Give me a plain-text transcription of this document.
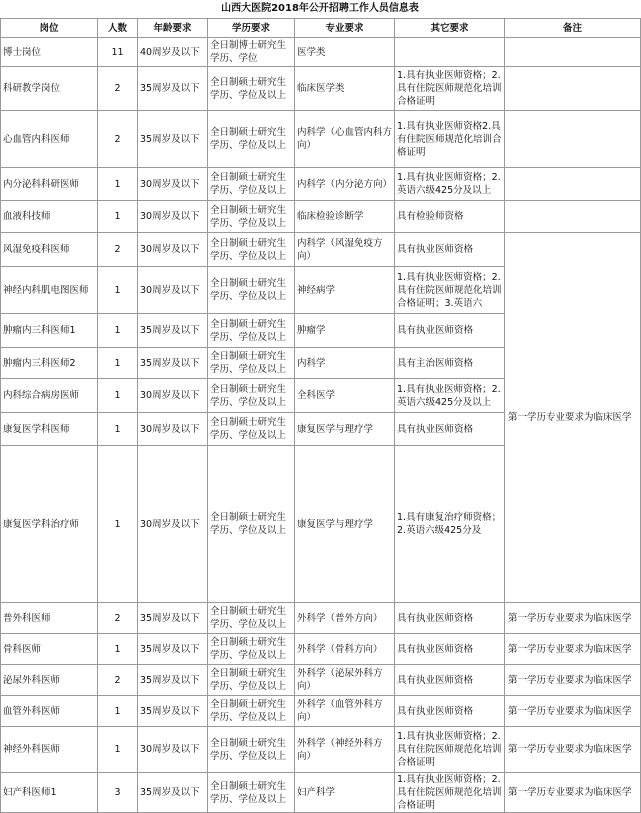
山西大医院2018年公开招聘工作人员信息表
岗位	人数	年龄要求	学历要求	专业要求	其它要求	备注	
博士岗位	11	40周岁及以下	全日制博士研究生学历、学位	医学类			
科研教学岗位	2	35周岁及以下	全日制硕士研究生学历、学位及以上	临床医学类	1.具有执业医师资格；2.具有住院医师规范化培训合格证明		
心血管内科医师	2	35周岁及以下	全日制硕士研究生学历、学位及以上	内科学（心血管内科方向）	1.具有执业医师资格2.具有住院医师规范化培训合格证明		
内分泌科科研医师	1	30周岁及以下	全日制硕士研究生学历、学位及以上	内科学（内分泌方向）	1.具有执业医师资格；2.英语六级425分及以上		
血液科技师	1	30周岁及以下	全日制硕士研究生学历、学位及以上	临床检验诊断学	具有检验师资格		
风湿免疫科医师	2	30周岁及以下	全日制硕士研究生学历、学位及以上	内科学（风湿免疫方向）	具有执业医师资格	第一学历专业要求为临床医学	
神经内科肌电图医师	1	30周岁及以下	全日制硕士研究生学历、学位及以上	神经病学	1.具有执业医师资格；2.具有住院医师规范化培训合格证明；3.英语六		
肿瘤内三科医师1	1	35周岁及以下	全日制硕士研究生学历、学位及以上	肿瘤学	具有执业医师资格		
肿瘤内三科医师2	1	35周岁及以下	全日制硕士研究生学历、学位及以上	内科学	具有主治医师资格		
内科综合病房医师	1	30周岁及以下	全日制硕士研究生学历、学位及以上	全科医学	1.具有执业医师资格；2.英语六级425分及以上		
康复医学科医师	1	30周岁及以下	全日制硕士研究生学历、学位及以上	康复医学与理疗学	具有执业医师资格		
康复医学科治疗师	1	30周岁及以下	全日制硕士研究生学历、学位及以上	康复医学与理疗学	1.具有康复治疗师资格；2.英语六级425分及	
普外科医师	2	35周岁及以下	全日制硕士研究生学历、学位及以上	外科学（普外方向）	具有执业医师资格	第一学历专业要求为临床医学	
骨科医师	1	35周岁及以下	全日制硕士研究生学历、学位及以上	外科学（骨科方向）	具有执业医师资格	第一学历专业要求为临床医学	
泌尿外科医师	2	35周岁及以下	全日制硕士研究生学历、学位及以上	外科学（泌尿外科方向）	具有执业医师资格	第一学历专业要求为临床医学	
血管外科医师	1	35周岁及以下	全日制硕士研究生学历、学位及以上	外科学（血管外科方向）	具有执业医师资格	第一学历专业要求为临床医学	
神经外科医师	1	30周岁及以下	全日制硕士研究生学历、学位及以上	外科学（神经外科方向）	1.具有执业医师资格；2.具有住院医师规范化培训合格证明	第一学历专业要求为临床医学	
妇产科医师1	3	35周岁及以下	全日制硕士研究生学历、学位及以上	妇产科学	1.具有执业医师资格；2.具有住院医师规范化培训合格证明	第一学历专业要求为临床医学	
